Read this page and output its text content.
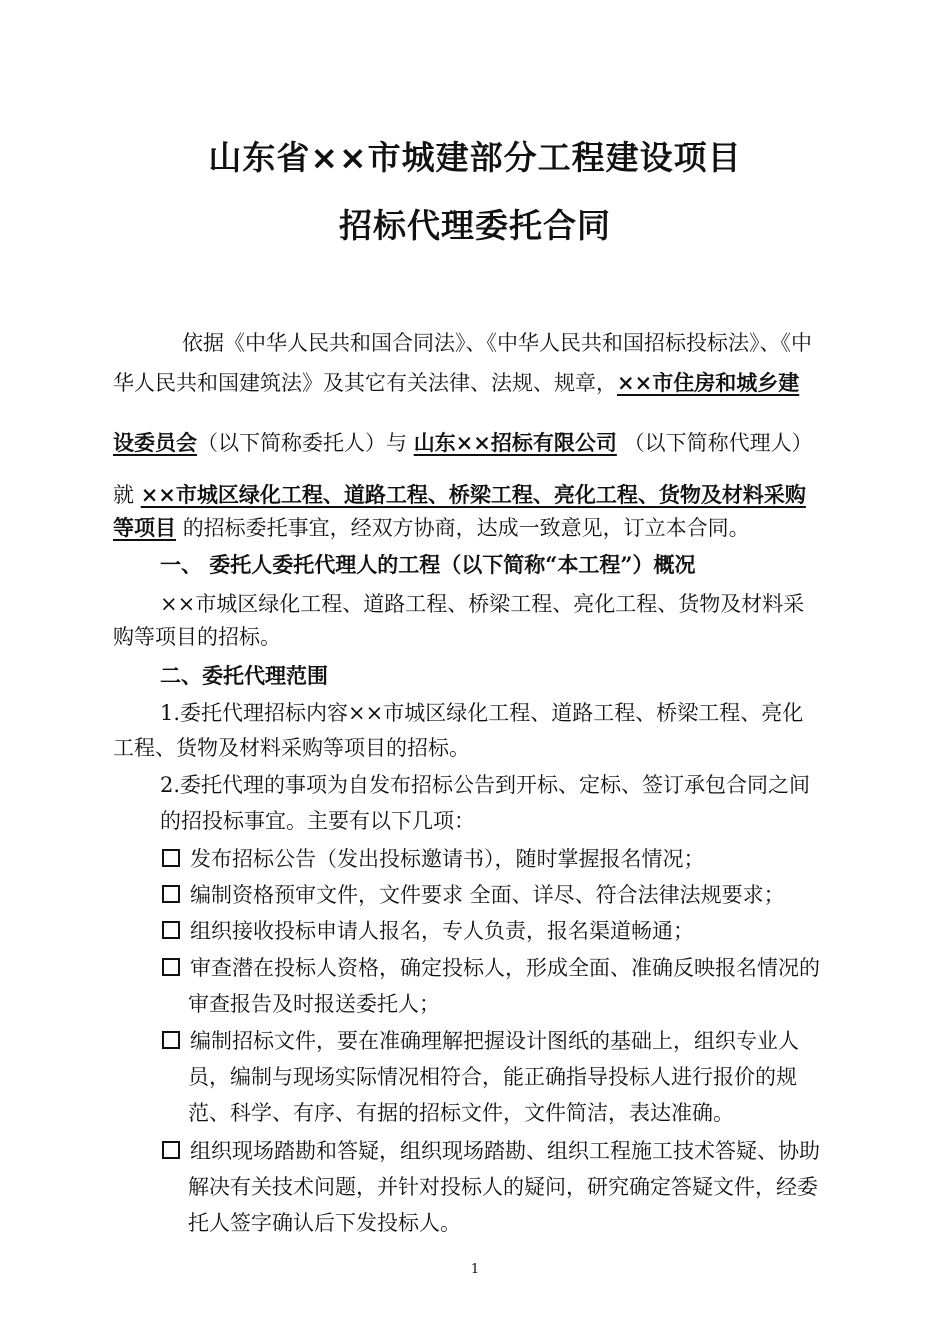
山东省××市城建部分工程建设项目
招标代理委托合同
依据《中华人民共和国合同法》、《中华人民共和国招标投标法》、《中
华人民共和国建筑法》及其它有关法律、法规、规章，××市住房和城乡建
设委员会（以下简称委托人）与 山东××招标有限公司 （以下简称代理人）
就 ××市城区绿化工程、道路工程、桥梁工程、亮化工程、货物及材料采购
等项目 的招标委托事宜，经双方协商，达成一致意见，订立本合同。
一、 委托人委托代理人的工程（以下简称“本工程”）概况
××市城区绿化工程、道路工程、桥梁工程、亮化工程、货物及材料采
购等项目的招标。
二、委托代理范围
1.委托代理招标内容××市城区绿化工程、道路工程、桥梁工程、亮化
工程、货物及材料采购等项目的招标。
2.委托代理的事项为自发布招标公告到开标、定标、签订承包合同之间
的招投标事宜。主要有以下几项：
发布招标公告（发出投标邀请书），随时掌握报名情况；
编制资格预审文件，文件要求 全面、详尽、符合法律法规要求；
组织接收投标申请人报名，专人负责，报名渠道畅通；
审查潜在投标人资格，确定投标人，形成全面、准确反映报名情况的
审查报告及时报送委托人；
编制招标文件，要在准确理解把握设计图纸的基础上，组织专业人
员，编制与现场实际情况相符合，能正确指导投标人进行报价的规
范、科学、有序、有据的招标文件，文件简洁，表达准确。
组织现场踏勘和答疑，组织现场踏勘、组织工程施工技术答疑、协助
解决有关技术问题，并针对投标人的疑问，研究确定答疑文件，经委
托人签字确认后下发投标人。
1
